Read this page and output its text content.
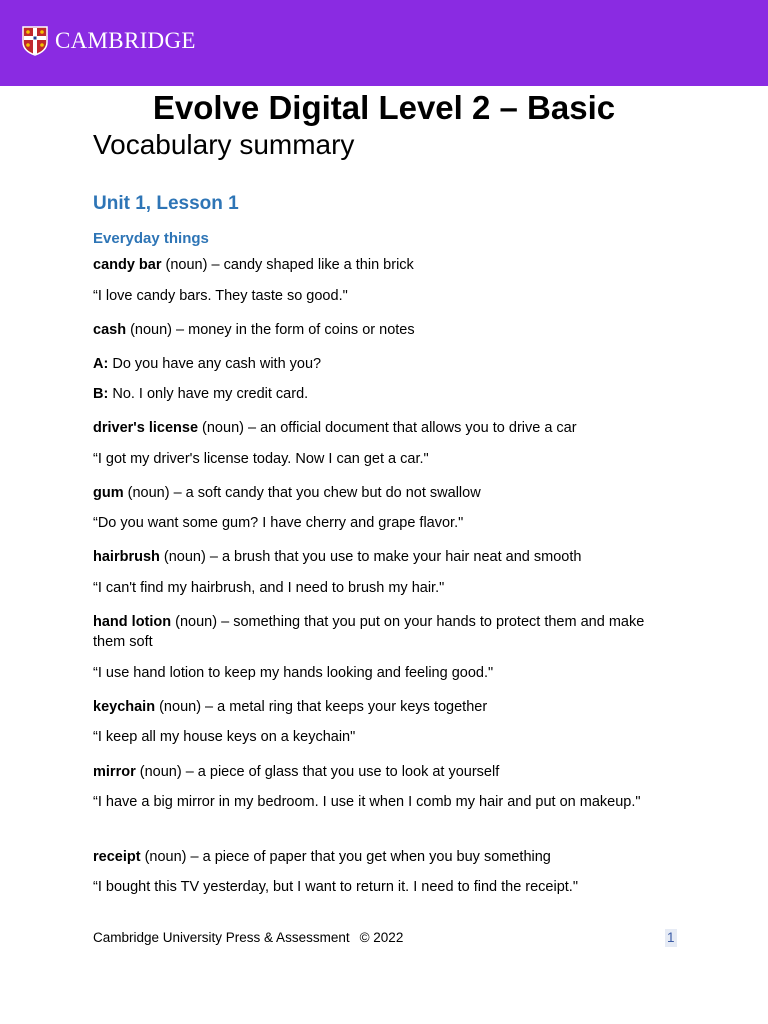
CAMBRIDGE
Evolve Digital Level 2 – Basic
Vocabulary summary
Unit 1, Lesson 1
Everyday things

candy bar (noun) – candy shaped like a thin brick

“I love candy bars. They taste so good."

cash (noun) – money in the form of coins or notes

A: Do you have any cash with you?

B: No. I only have my credit card.

driver's license (noun) – an official document that allows you to drive a car

“I got my driver's license today. Now I can get a car."

gum (noun) – a soft candy that you chew but do not swallow

“Do you want some gum? I have cherry and grape flavor."

hairbrush (noun) – a brush that you use to make your hair neat and smooth

“I can't find my hairbrush, and I need to brush my hair."

hand lotion (noun) – something that you put on your hands to protect them and make them soft

“I use hand lotion to keep my hands looking and feeling good."

keychain (noun) – a metal ring that keeps your keys together

“I keep all my house keys on a keychain"

mirror (noun) – a piece of glass that you use to look at yourself

“I have a big mirror in my bedroom. I use it when I comb my hair and put on makeup."

receipt (noun) – a piece of paper that you get when you buy something

“I bought this TV yesterday, but I want to return it. I need to find the receipt."

Cambridge University Press & Assessment © 2022	1
